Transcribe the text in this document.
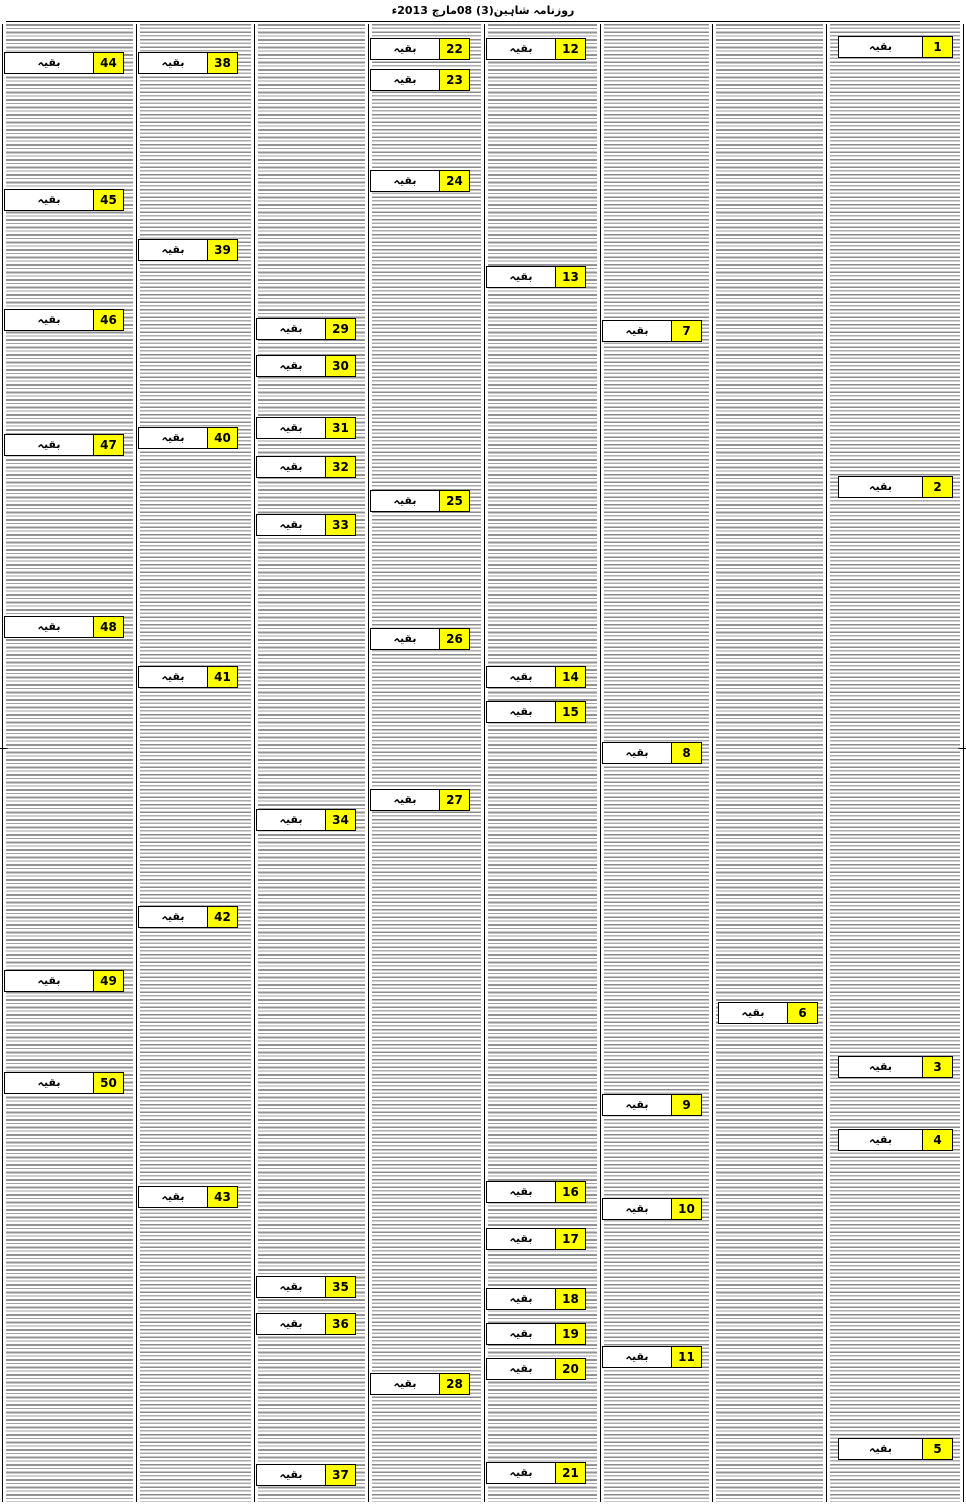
روزنامہ شاہین(3) 08مارچ 2013ء
1
بقیہ
2
بقیہ
3
بقیہ
4
بقیہ
5
بقیہ
6
بقیہ
7
بقیہ
8
بقیہ
9
بقیہ
10
بقیہ
11
بقیہ
12
بقیہ
13
بقیہ
14
بقیہ
15
بقیہ
16
بقیہ
17
بقیہ
18
بقیہ
19
بقیہ
20
بقیہ
21
بقیہ
22
بقیہ
23
بقیہ
24
بقیہ
25
بقیہ
26
بقیہ
27
بقیہ
28
بقیہ
29
بقیہ
30
بقیہ
31
بقیہ
32
بقیہ
33
بقیہ
34
بقیہ
35
بقیہ
36
بقیہ
37
بقیہ
38
بقیہ
39
بقیہ
40
بقیہ
41
بقیہ
42
بقیہ
43
بقیہ
44
بقیہ
45
بقیہ
46
بقیہ
47
بقیہ
48
بقیہ
49
بقیہ
50
بقیہ
